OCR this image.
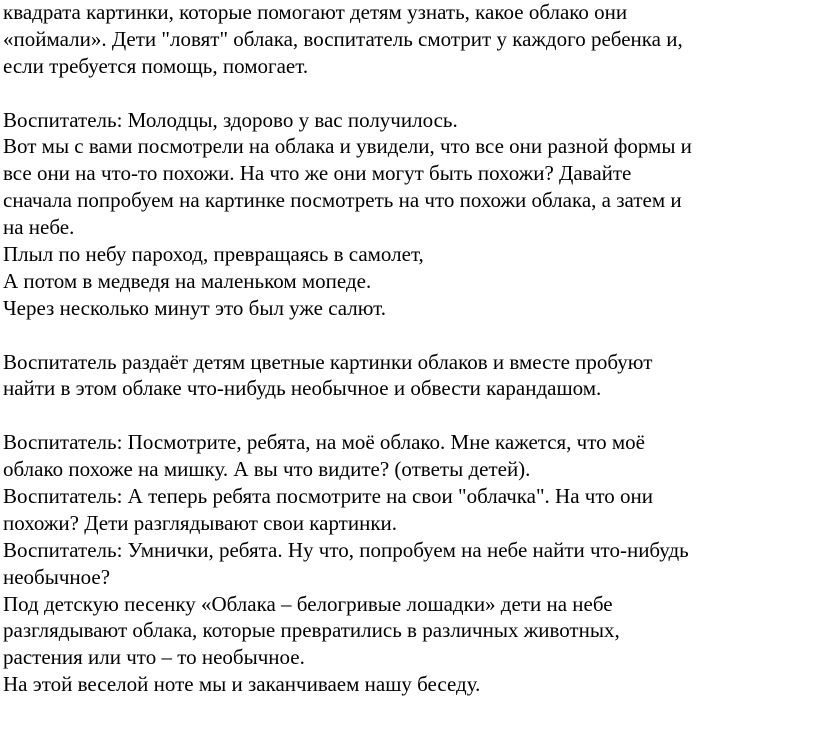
квадрата картинки, которые помогают детям узнать, какое облако они
«поймали». Дети "ловят" облака, воспитатель смотрит у каждого ребенка и,
если требуется помощь, помогает.
Воспитатель: Молодцы, здорово у вас получилось.
Вот мы с вами посмотрели на облака и увидели, что все они разной формы и
все они на что-то похожи. На что же они могут быть похожи? Давайте
сначала попробуем на картинке посмотреть на что похожи облака, а затем и
на небе.
Плыл по небу пароход, превращаясь в самолет,
А потом в медведя на маленьком мопеде.
Через несколько минут это был уже салют.
Воспитатель раздаёт детям цветные картинки облаков и вместе пробуют
найти в этом облаке что-нибудь необычное и обвести карандашом.
Воспитатель: Посмотрите, ребята, на моё облако. Мне кажется, что моё
облако похоже на мишку. А вы что видите? (ответы детей).
Воспитатель: А теперь ребята посмотрите на свои "облачка". На что они
похожи? Дети разглядывают свои картинки.
Воспитатель: Умнички, ребята. Ну что, попробуем на небе найти что-нибудь
необычное?
Под детскую песенку «Облака – белогривые лошадки» дети на небе
разглядывают облака, которые превратились в различных животных,
растения или что – то необычное.
На этой веселой ноте мы и заканчиваем нашу беседу.
